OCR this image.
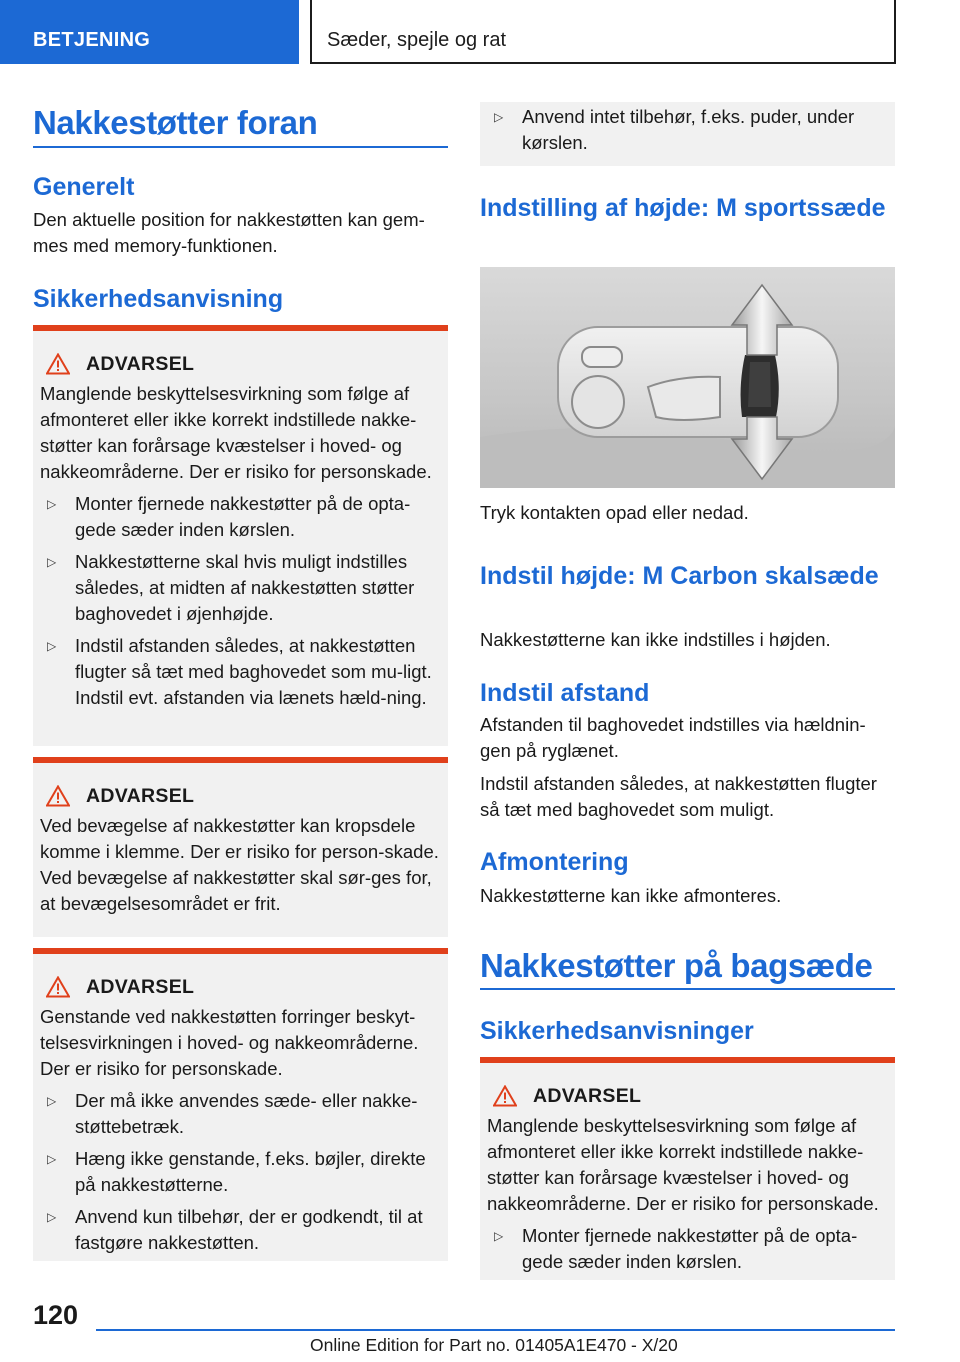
BETJENING	Sæder, spejle og rat
Nakkestøtter foran
Generelt

Den aktuelle position for nakkestøtten kan gem-mes med memory-funktionen.

Sikkerhedsanvisning
ADVARSEL

Manglende beskyttelsesvirkning som følge af afmonteret eller ikke korrekt indstillede nakke-støtter kan forårsage kvæstelser i hoved- og nakkeområderne. Der er risiko for personskade.

▷	Monter fjernede nakkestøtter på de opta-gede sæder inden kørslen.

▷	Nakkestøtterne skal hvis muligt indstilles således, at midten af nakkestøtten støtter baghovedet i øjenhøjde.

▷	Indstil afstanden således, at nakkestøtten flugter så tæt med baghovedet som mu-ligt. Indstil evt. afstanden via lænets hæld-ning.

ADVARSEL

Ved bevægelse af nakkestøtter kan kropsdele komme i klemme. Der er risiko for person-skade. Ved bevægelse af nakkestøtter skal sør-ges for, at bevægelsesområdet er frit.

ADVARSEL

Genstande ved nakkestøtten forringer beskyt-telsesvirkningen i hoved- og nakkeområderne. Der er risiko for personskade.

▷	Der må ikke anvendes sæde- eller nakke-støttebetræk.

▷	Hæng ikke genstande, f.eks. bøjler, direkte på nakkestøtterne.

▷	Anvend kun tilbehør, der er godkendt, til at fastgøre nakkestøtten.

▷	Anvend intet tilbehør, f.eks. puder, under kørslen.

Indstilling af højde: M sportssæde

Tryk kontakten opad eller nedad.

Indstil højde: M Carbon skalsæde

Nakkestøtterne kan ikke indstilles i højden.

Indstil afstand

Afstanden til baghovedet indstilles via hældnin-gen på ryglænet.

Indstil afstanden således, at nakkestøtten flugter så tæt med baghovedet som muligt.

Afmontering

Nakkestøtterne kan ikke afmonteres.

Nakkestøtter på bagsæde
Sikkerhedsanvisninger
ADVARSEL

Manglende beskyttelsesvirkning som følge af afmonteret eller ikke korrekt indstillede nakke-støtter kan forårsage kvæstelser i hoved- og nakkeområderne. Der er risiko for personskade.

▷	Monter fjernede nakkestøtter på de opta-gede sæder inden kørslen.

120
Online Edition for Part no. 01405A1E470 - X/20
